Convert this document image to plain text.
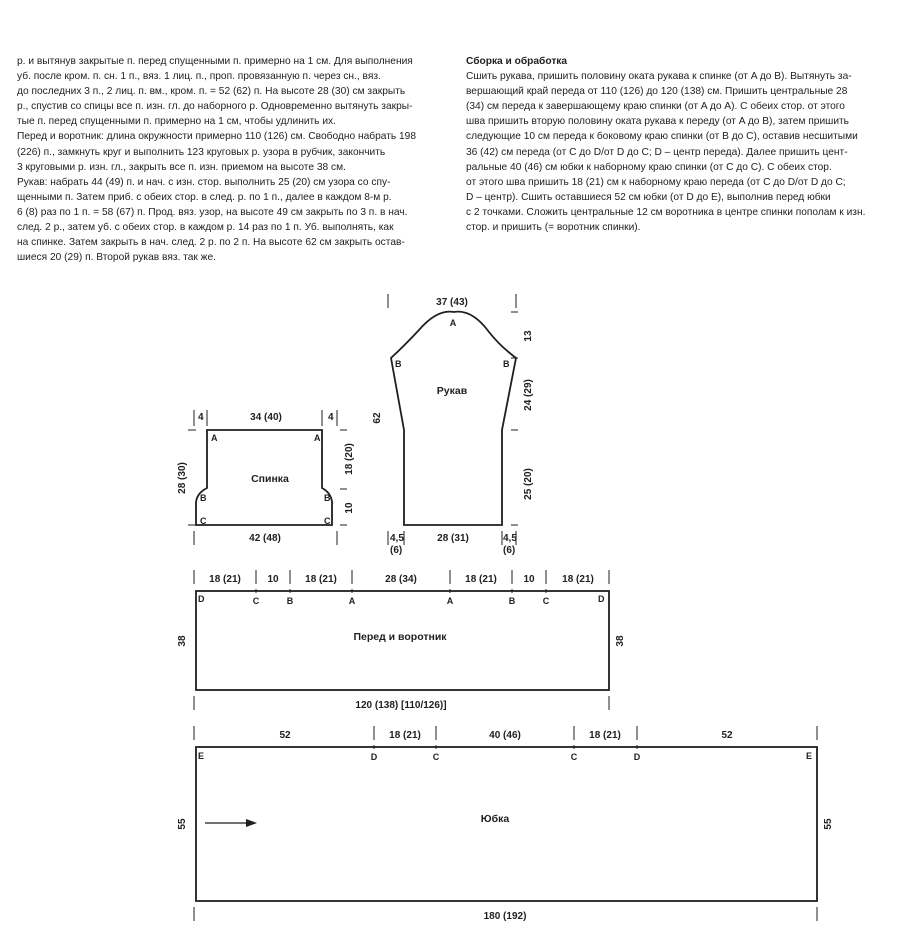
р. и вытянув закрытые п. перед спущенными п. примерно на 1 см. Для выполнения
уб. после кром. п. сн. 1 п., вяз. 1 лиц. п., проп. провязанную п. через сн., вяз.
до последних 3 п., 2 лиц. п. вм., кром. п. = 52 (62) п. На высоте 28 (30) см закрыть
р., спустив со спицы все п. изн. гл. до наборного р. Одновременно вытянуть закры-
тые п. перед спущенными п. примерно на 1 см, чтобы удлинить их.
Перед и воротник: длина окружности примерно 110 (126) см. Свободно набрать 198
(226) п., замкнуть круг и выполнить 123 круговых р. узора в рубчик, закончить
3 круговыми р. изн. гл., закрыть все п. изн. приемом на высоте 38 см.
Рукав: набрать 44 (49) п. и нач. с изн. стор. выполнить 25 (20) см узора со спу-
щенными п. Затем приб. с обеих стор. в след. р. по 1 п., далее в каждом 8-м р.
6 (8) раз по 1 п. = 58 (67) п. Прод. вяз. узор, на высоте 49 см закрыть по 3 п. в нач.
след. 2 р., затем уб. с обеих стор. в каждом р. 14 раз по 1 п. Уб. выполнять, как
на спинке. Затем закрыть в нач. след. 2 р. по 2 п. На высоте 62 см закрыть остав-
шиеся 20 (29) п. Второй рукав вяз. так же.
Сборка и обработка
Сшить рукава, пришить половину оката рукава к спинке (от A до B). Вытянуть за-
вершающий край переда от 110 (126) до 120 (138) см. Пришить центральные 28
(34) см переда к завершающему краю спинки (от A до A). С обеих стор. от этого
шва пришить вторую половину оката рукава к переду (от A до B), затем пришить
следующие 10 см переда к боковому краю спинки (от B до C), оставив несшитыми
36 (42) см переда (от C до D/от D до C; D – центр переда). Далее пришить цент-
ральные 40 (46) см юбки к наборному краю спинки (от C до C). С обеих стор.
от этого шва пришить 18 (21) см к наборному краю переда (от C до D/от D до C;
D – центр). Сшить оставшиеся 52 см юбки (от D до E), выполнив перед юбки
с 2 точками. Сложить центральные 12 см воротника в центре спинки пополам к изн.
стор. и пришить (= воротник спинки).
4	34 (40)	4
28 (30)
18 (20)
10
42 (48)
Спинка
A	A
B	B
C	C
37 (43)
62
13
24 (29)
25 (20)
4,5
(6)
28 (31)	4,5
(6)
Рукав
A
B	B
18 (21)	10	18 (21)	28 (34)	18 (21)	10	18 (21)
D	C	B	A	A	B	C	D
38	38
Перед и воротник
120 (138) [110/126)]
52	18 (21)	40 (46)	18 (21)	52
E	D	C	C	D	E
55	55
Юбка
180 (192)
